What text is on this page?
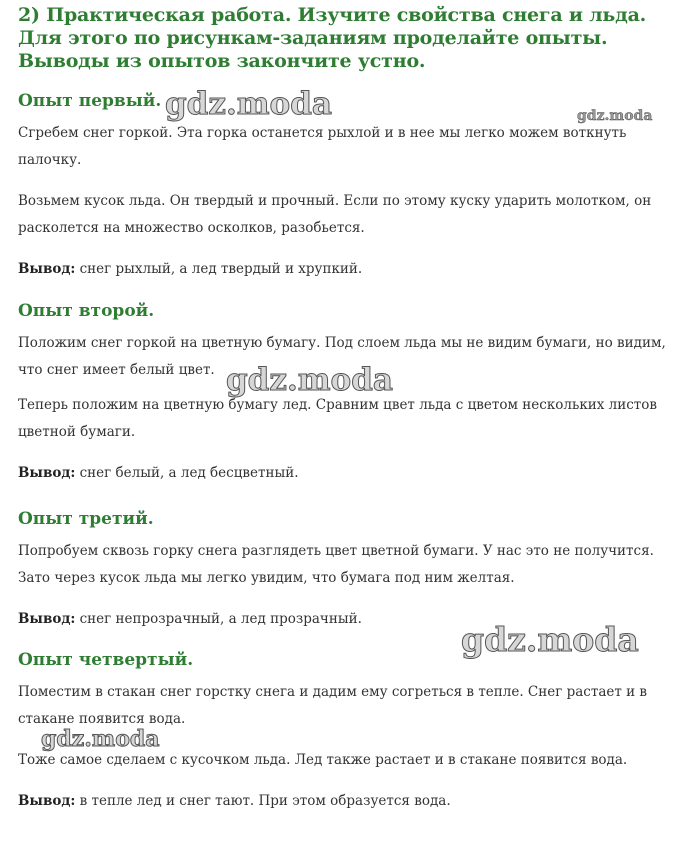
2) Практическая работа. Изучите свойства снега и льда. Для этого по рисункам-заданиям проделайте опыты. Выводы из опытов закончите устно.
Опыт первый.

Сгребем снег горкой. Эта горка останется рыхлой и в нее мы легко можем воткнуть палочку.

Возьмем кусок льда. Он твердый и прочный. Если по этому куску ударить молотком, он расколется на множество осколков, разобьется.

Вывод: снег рыхлый, а лед твердый и хрупкий.

Опыт второй.

Положим снег горкой на цветную бумагу. Под слоем льда мы не видим бумаги, но видим, что снег имеет белый цвет.

Теперь положим на цветную бумагу лед. Сравним цвет льда с цветом нескольких листов цветной бумаги.

Вывод: снег белый, а лед бесцветный.

Опыт третий.

Попробуем сквозь горку снега разглядеть цвет цветной бумаги. У нас это не получится. Зато через кусок льда мы легко увидим, что бумага под ним желтая.

Вывод: снег непрозрачный, а лед прозрачный.

Опыт четвертый.

Поместим в стакан снег горстку снега и дадим ему согреться в тепле. Снег растает и в стакане появится вода.

Тоже самое сделаем с кусочком льда. Лед также растает и в стакане появится вода.

Вывод: в тепле лед и снег тают. При этом образуется вода.

gdz.moda	gdz.moda
gdz.moda
gdz.moda
gdz.moda
